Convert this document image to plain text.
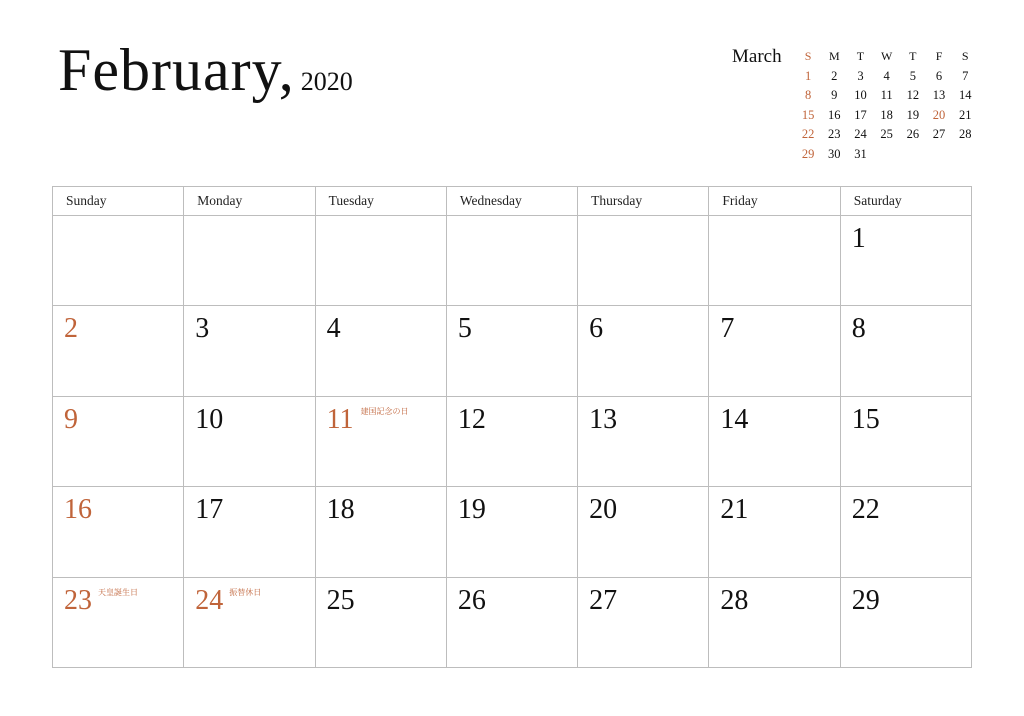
February, 2020
March	S	M	T	W	T	F	S
1	2	3	4	5	6	7
8	9	10	11	12	13	14
15	16	17	18	19	20	21
22	23	24	25	26	27	28
29	30	31
Sunday	Monday	Tuesday	Wednesday	Thursday	Friday	Saturday

						1

2	3	4	5	6	7	8

9	10	11 建国記念の日	12	13	14	15

16	17	18	19	20	21	22

23 天皇誕生日	24 振替休日	25	26	27	28	29
